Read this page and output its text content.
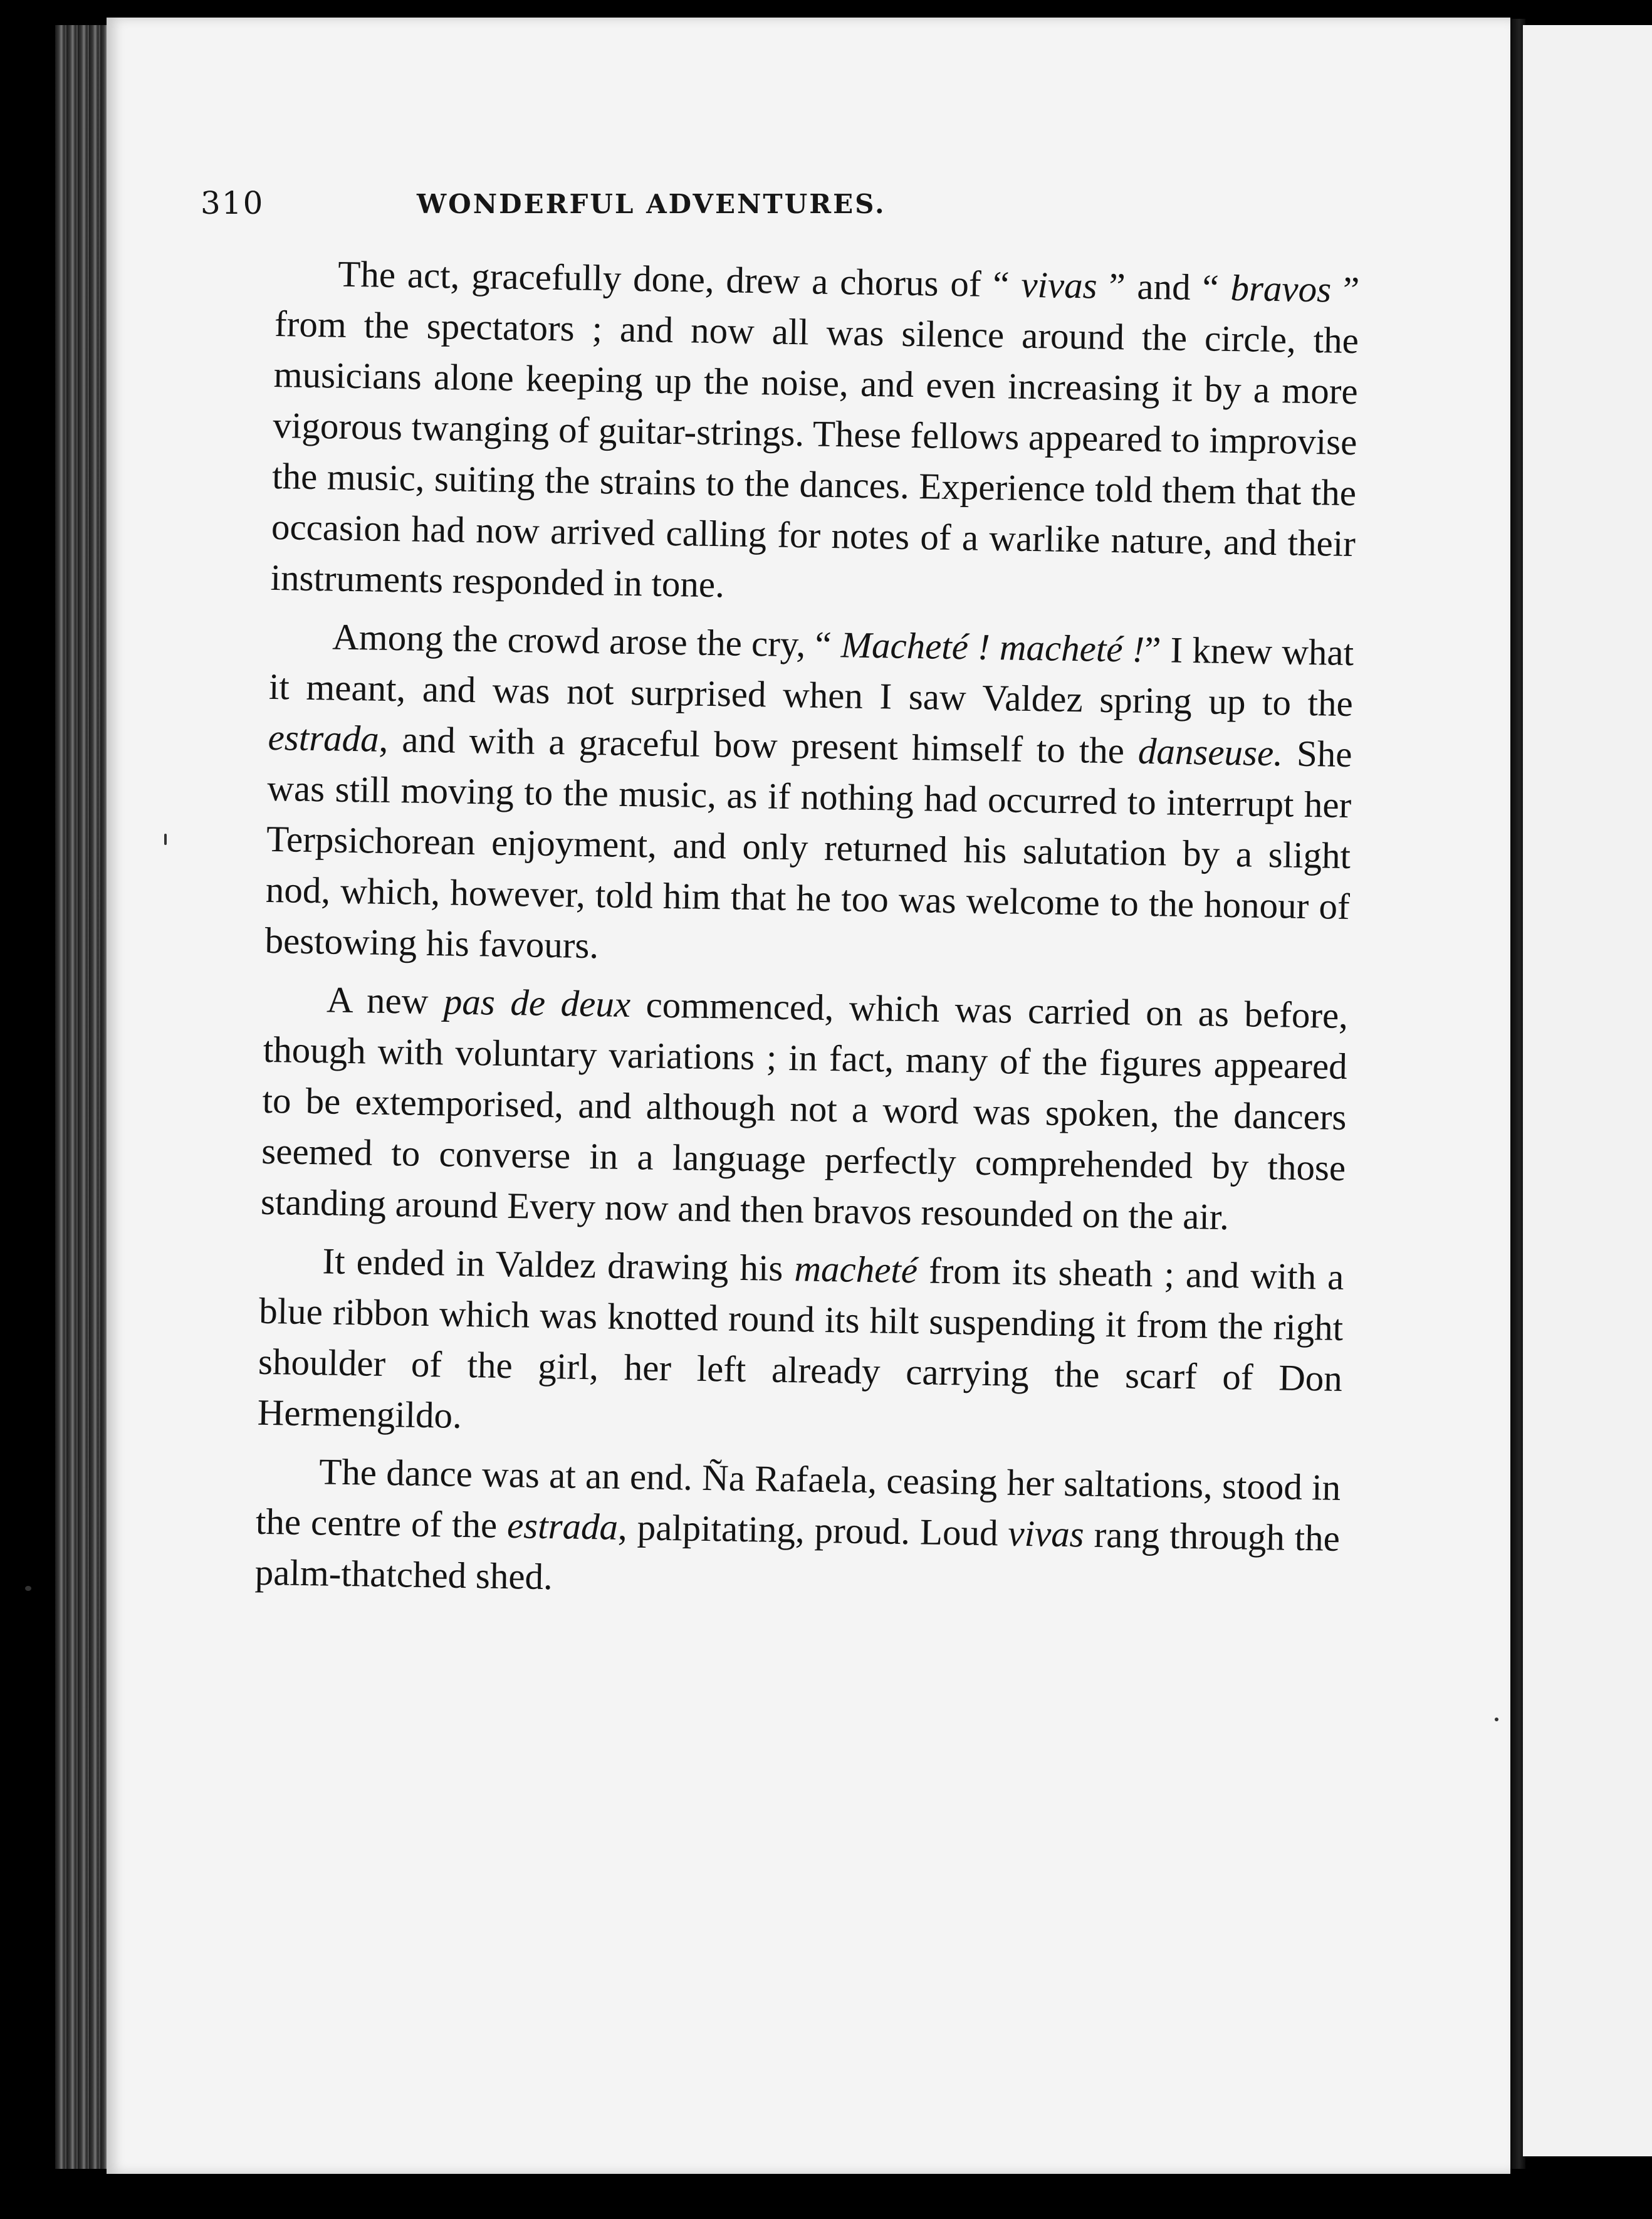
310	WONDERFUL ADVENTURES.

The act, gracefully done, drew a chorus of “ vivas ” and “ bravos ” from the spectators ; and now all was silence around the circle, the musicians alone keeping up the noise, and even increasing it by a more vigorous twanging of guitar-strings. These fellows appeared to improvise the music, suiting the strains to the dances. Experience told them that the occasion had now arrived calling for notes of a warlike nature, and their instruments responded in tone.

Among the crowd arose the cry, “ Macheté ! macheté !” I knew what it meant, and was not surprised when I saw Valdez spring up to the estrada, and with a graceful bow present himself to the danseuse. She was still moving to the music, as if nothing had occurred to interrupt her Terpsichorean enjoyment, and only returned his salutation by a slight nod, which, however, told him that he too was welcome to the honour of bestowing his favours.

A new pas de deux commenced, which was carried on as before, though with voluntary variations ; in fact, many of the figures appeared to be extemporised, and although not a word was spoken, the dancers seemed to converse in a language perfectly comprehended by those standing around Every now and then bravos resounded on the air.

It ended in Valdez drawing his macheté from its sheath ; and with a blue ribbon which was knotted round its hilt suspending it from the right shoulder of the girl, her left already carrying the scarf of Don Hermengildo.

The dance was at an end. Ña Rafaela, ceasing her saltations, stood in the centre of the estrada, palpitating, proud. Loud vivas rang through the palm-thatched shed.
